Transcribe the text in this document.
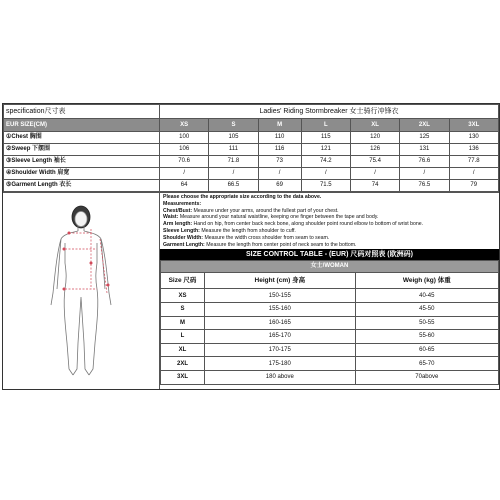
specification尺寸表	Ladies' Riding Stormbreaker 女士骑行冲锋衣						
EUR SIZE(CM)	XS	S	M	L	XL	2XL	3XL
①Chest 胸围	100	105	110	115	120	125	130
②Sweep 下摆围	106	111	116	121	126	131	136
③Sleeve Length 袖长	70.6	71.8	73	74.2	75.4	76.6	77.8
④Shoulder Width 肩宽	/	/	/	/	/	/	/
⑤Garment Length 衣长	64	66.5	69	71.5	74	76.5	79
Please choose the appropriate size according to the data above.
Measurements:
Chest/Bust: Measure under your arms, around the fullest part of your chest.
Waist: Measure around your natural waistline, keeping one finger between the tape and body.
Arm length: Hand on hip, from center back neck bone, along shoulder point round elbow to bottom of wrist bone.
Sleeve Length: Measure the length from shoulder to cuff.
Shoulder Width: Measure the width cross shoulder from seam to seam.
Garment Length: Measure the length from center point of neck seam to the bottom.
SIZE CONTROL TABLE - (EUR) 尺码对照表 (欧洲码)
女士/WOMAN		
Size 尺码	Height (cm) 身高	Weigh (kg) 体重
XS	150-155	40-45
S	155-160	45-50
M	160-165	50-55
L	165-170	55-60
XL	170-175	60-65
2XL	175-180	65-70
3XL	180 above	70above
